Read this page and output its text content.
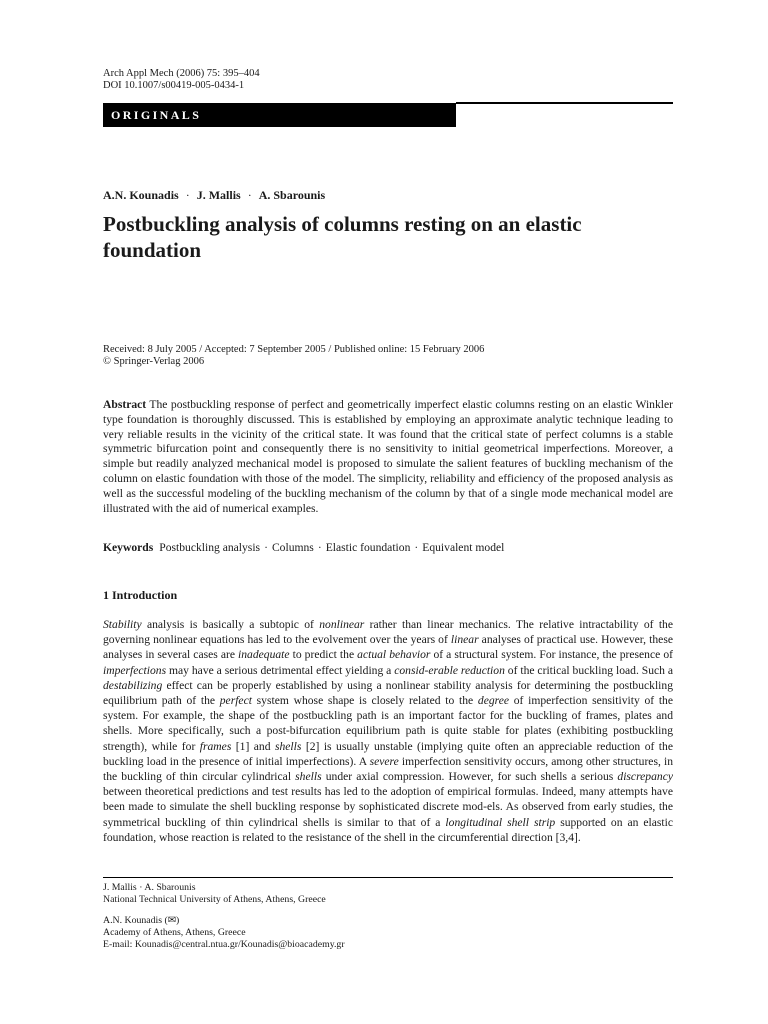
Arch Appl Mech (2006) 75: 395–404
DOI 10.1007/s00419-005-0434-1
ORIGINALS
A.N. Kounadis · J. Mallis · A. Sbarounis
Postbuckling analysis of columns resting on an elastic foundation
Received: 8 July 2005 / Accepted: 7 September 2005 / Published online: 15 February 2006
© Springer-Verlag 2006

Abstract The postbuckling response of perfect and geometrically imperfect elastic columns resting on an elastic Winkler type foundation is thoroughly discussed. This is established by employing an approximate analytic technique leading to very reliable results in the vicinity of the critical state. It was found that the critical state of perfect columns is a stable symmetric bifurcation point and consequently there is no sensitivity to initial geometrical imperfections. Moreover, a simple but readily analyzed mechanical model is proposed to simulate the salient features of buckling mechanism of the column on elastic foundation with those of the model. The simplicity, reliability and efficiency of the proposed analysis as well as the successful modeling of the buckling mechanism of the column by that of a single mode mechanical model are illustrated with the aid of numerical examples.

Keywords Postbuckling analysis · Columns · Elastic foundation · Equivalent model
1 Introduction

Stability analysis is basically a subtopic of nonlinear rather than linear mechanics. The relative intractability of the governing nonlinear equations has led to the evolvement over the years of linear analyses of practical use. However, these analyses in several cases are inadequate to predict the actual behavior of a structural system. For instance, the presence of imperfections may have a serious detrimental effect yielding a consid-erable reduction of the critical buckling load. Such a destabilizing effect can be properly established by using a nonlinear stability analysis for determining the postbuckling equilibrium path of the perfect system whose shape is closely related to the degree of imperfection sensitivity of the system. For example, the shape of the postbuckling path is an important factor for the buckling of frames, plates and shells. More specifically, such a post-bifurcation equilibrium path is quite stable for plates (exhibiting postbuckling strength), while for frames [1] and shells [2] is usually unstable (implying quite often an appreciable reduction of the buckling load in the presence of initial imperfections). A severe imperfection sensitivity occurs, among other structures, in the buckling of thin circular cylindrical shells under axial compression. However, for such shells a serious discrepancy between theoretical predictions and test results has led to the adoption of empirical formulas. Indeed, many attempts have been made to simulate the shell buckling response by sophisticated discrete mod-els. As observed from early studies, the symmetrical buckling of thin cylindrical shells is similar to that of a longitudinal shell strip supported on an elastic foundation, whose reaction is related to the resistance of the shell in the circumferential direction [3,4].

J. Mallis · A. Sbarounis
National Technical University of Athens, Athens, Greece
A.N. Kounadis (✉)
Academy of Athens, Athens, Greece
E-mail: Kounadis@central.ntua.gr/Kounadis@bioacademy.gr
